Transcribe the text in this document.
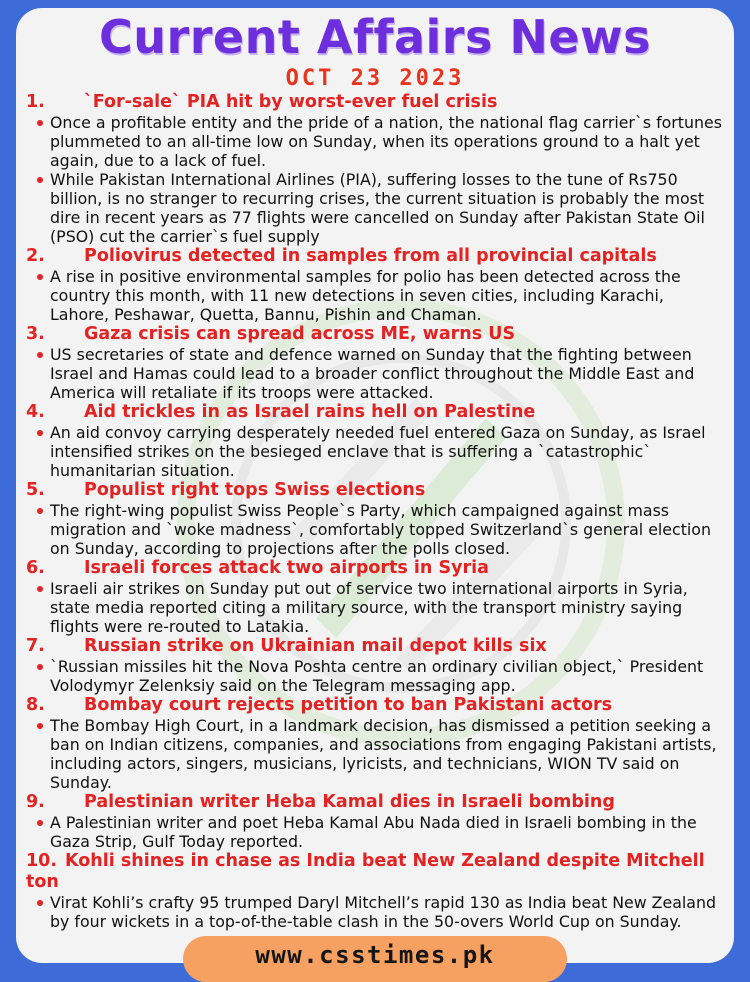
Current Affairs News
OCT 23 2023
1. `For-sale` PIA hit by worst-ever fuel crisis

Once a profitable entity and the pride of a nation, the national flag carrier`s fortunes plummeted to an all-time low on Sunday, when its operations ground to a halt yet again, due to a lack of fuel.

While Pakistan International Airlines (PIA), suffering losses to the tune of Rs750 billion, is no stranger to recurring crises, the current situation is probably the most dire in recent years as 77 flights were cancelled on Sunday after Pakistan State Oil (PSO) cut the carrier`s fuel supply

2. Poliovirus detected in samples from all provincial capitals

A rise in positive environmental samples for polio has been detected across the country this month, with 11 new detections in seven cities, including Karachi, Lahore, Peshawar, Quetta, Bannu, Pishin and Chaman.

3. Gaza crisis can spread across ME, warns US

US secretaries of state and defence warned on Sunday that the fighting between Israel and Hamas could lead to a broader conflict throughout the Middle East and America will retaliate if its troops were attacked.

4. Aid trickles in as Israel rains hell on Palestine

An aid convoy carrying desperately needed fuel entered Gaza on Sunday, as Israel intensified strikes on the besieged enclave that is suffering a `catastrophic` humanitarian situation.

5. Populist right tops Swiss elections

The right-wing populist Swiss People`s Party, which campaigned against mass migration and `woke madness`, comfortably topped Switzerland`s general election on Sunday, according to projections after the polls closed.

6. Israeli forces attack two airports in Syria

Israeli air strikes on Sunday put out of service two international airports in Syria, state media reported citing a military source, with the transport ministry saying flights were re-routed to Latakia.

7. Russian strike on Ukrainian mail depot kills six

`Russian missiles hit the Nova Poshta centre an ordinary civilian object,` President Volodymyr Zelenksiy said on the Telegram messaging app.

8. Bombay court rejects petition to ban Pakistani actors

The Bombay High Court, in a landmark decision, has dismissed a petition seeking a ban on Indian citizens, companies, and associations from engaging Pakistani artists, including actors, singers, musicians, lyricists, and technicians, WION TV said on Sunday.

9. Palestinian writer Heba Kamal dies in Israeli bombing

A Palestinian writer and poet Heba Kamal Abu Nada died in Israeli bombing in the Gaza Strip, Gulf Today reported.

10. Kohli shines in chase as India beat New Zealand despite Mitchell ton

Virat Kohli’s crafty 95 trumped Daryl Mitchell’s rapid 130 as India beat New Zealand by four wickets in a top-of-the-table clash in the 50-overs World Cup on Sunday.

www.csstimes.pk
